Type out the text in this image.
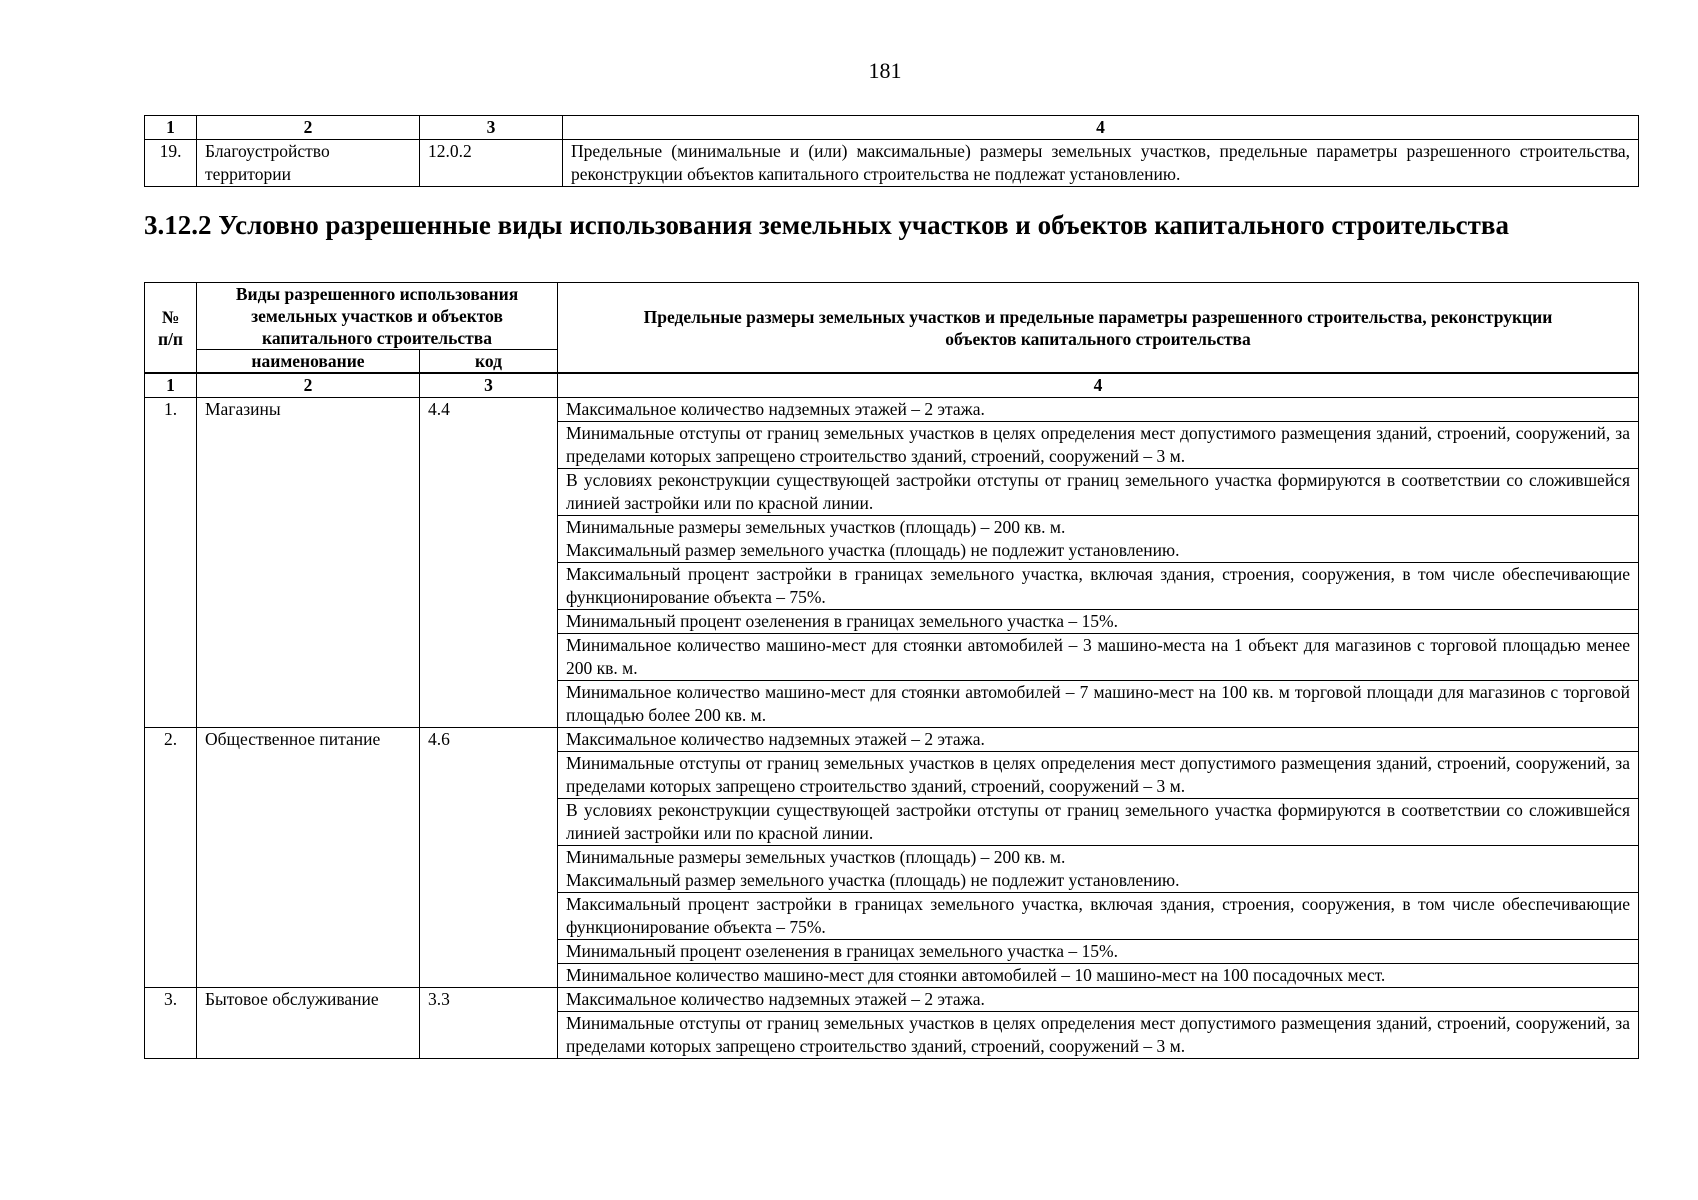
181
1	2	3	4
19.	Благоустройство территории	12.0.2	Предельные (минимальные и (или) максимальные) размеры земельных участков, предельные параметры разрешенного строительства, реконструкции объектов капитального строительства не подлежат установлению.
3.12.2 Условно разрешенные виды использования земельных участков и объектов капитального строительства
№ п/п	Виды разрешенного использования земельных участков и объектов капитального строительства		Предельные размеры земельных участков и предельные параметры разрешенного строительства, реконструкции объектов капитального строительства
	наименование	код	
1	2	3	4
1.	Магазины	4.4	Максимальное количество надземных этажей – 2 этажа.

			Минимальные отступы от границ земельных участков в целях определения мест допустимого размещения зданий, строений, сооружений, за пределами которых запрещено строительство зданий, строений, сооружений – 3 м.

			В условиях реконструкции существующей застройки отступы от границ земельного участка формируются в соответствии со сложившейся линией застройки или по красной линии.

			Минимальные размеры земельных участков (площадь) – 200 кв. м.
Максимальный размер земельного участка (площадь) не подлежит установлению.

			Максимальный процент застройки в границах земельного участка, включая здания, строения, сооружения, в том числе обеспечивающие функционирование объекта – 75%.

			Минимальный процент озеленения в границах земельного участка – 15%.

			Минимальное количество машино-мест для стоянки автомобилей – 3 машино-места на 1 объект для магазинов с торговой площадью менее 200 кв. м.

			Минимальное количество машино-мест для стоянки автомобилей – 7 машино-мест на 100 кв. м торговой площади для магазинов с торговой площадью более 200 кв. м.

2.	Общественное питание	4.6	Максимальное количество надземных этажей – 2 этажа.

			Минимальные отступы от границ земельных участков в целях определения мест допустимого размещения зданий, строений, сооружений, за пределами которых запрещено строительство зданий, строений, сооружений – 3 м.

			В условиях реконструкции существующей застройки отступы от границ земельного участка формируются в соответствии со сложившейся линией застройки или по красной линии.

			Минимальные размеры земельных участков (площадь) – 200 кв. м.
Максимальный размер земельного участка (площадь) не подлежит установлению.

			Максимальный процент застройки в границах земельного участка, включая здания, строения, сооружения, в том числе обеспечивающие функционирование объекта – 75%.

			Минимальный процент озеленения в границах земельного участка – 15%.

			Минимальное количество машино-мест для стоянки автомобилей – 10 машино-мест на 100 посадочных мест.

3.	Бытовое обслуживание	3.3	Максимальное количество надземных этажей – 2 этажа.

			Минимальные отступы от границ земельных участков в целях определения мест допустимого размещения зданий, строений, сооружений, за пределами которых запрещено строительство зданий, строений, сооружений – 3 м.
